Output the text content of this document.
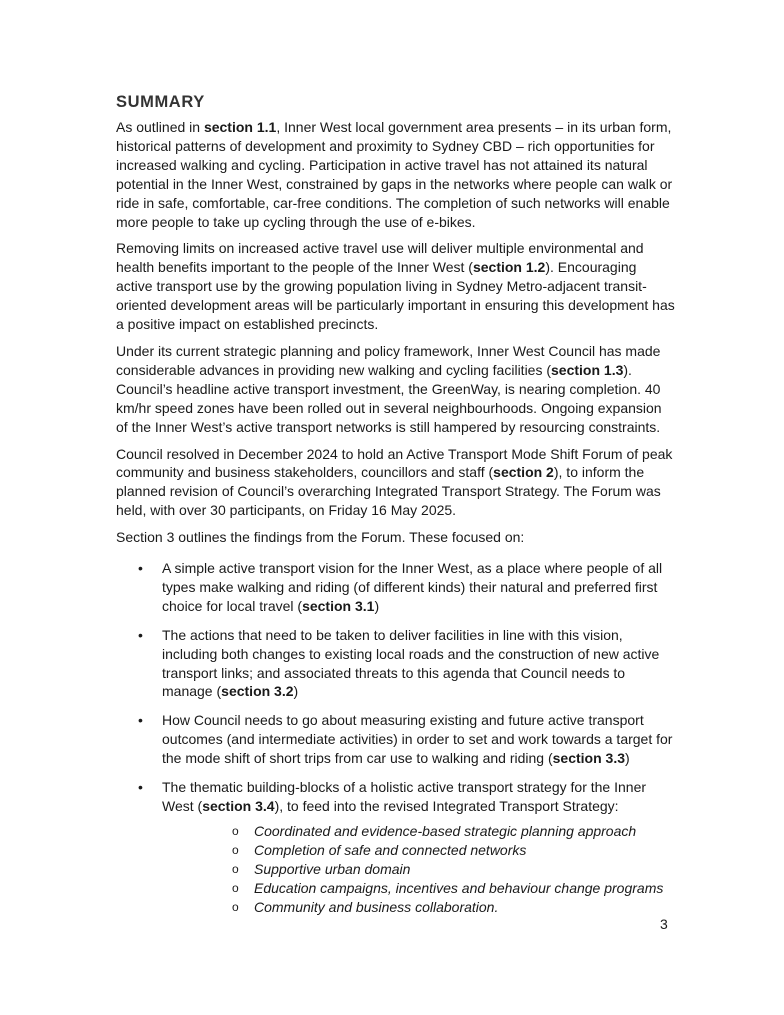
SUMMARY

As outlined in section 1.1, Inner West local government area presents – in its urban form, historical patterns of development and proximity to Sydney CBD – rich opportunities for increased walking and cycling. Participation in active travel has not attained its natural potential in the Inner West, constrained by gaps in the networks where people can walk or ride in safe, comfortable, car-free conditions. The completion of such networks will enable more people to take up cycling through the use of e-bikes.

Removing limits on increased active travel use will deliver multiple environmental and health benefits important to the people of the Inner West (section 1.2). Encouraging active transport use by the growing population living in Sydney Metro-adjacent transit-oriented development areas will be particularly important in ensuring this development has a positive impact on established precincts.

Under its current strategic planning and policy framework, Inner West Council has made considerable advances in providing new walking and cycling facilities (section 1.3). Council’s headline active transport investment, the GreenWay, is nearing completion. 40 km/hr speed zones have been rolled out in several neighbourhoods. Ongoing expansion of the Inner West’s active transport networks is still hampered by resourcing constraints.

Council resolved in December 2024 to hold an Active Transport Mode Shift Forum of peak community and business stakeholders, councillors and staff (section 2), to inform the planned revision of Council’s overarching Integrated Transport Strategy. The Forum was held, with over 30 participants, on Friday 16 May 2025.

Section 3 outlines the findings from the Forum. These focused on:

• A simple active transport vision for the Inner West, as a place where people of all types make walking and riding (of different kinds) their natural and preferred first choice for local travel (section 3.1)
• The actions that need to be taken to deliver facilities in line with this vision, including both changes to existing local roads and the construction of new active transport links; and associated threats to this agenda that Council needs to manage (section 3.2)
• How Council needs to go about measuring existing and future active transport outcomes (and intermediate activities) in order to set and work towards a target for the mode shift of short trips from car use to walking and riding (section 3.3)
• The thematic building-blocks of a holistic active transport strategy for the Inner West (section 3.4), to feed into the revised Integrated Transport Strategy:
o Coordinated and evidence-based strategic planning approach
o Completion of safe and connected networks
o Supportive urban domain
o Education campaigns, incentives and behaviour change programs
o Community and business collaboration.
3
